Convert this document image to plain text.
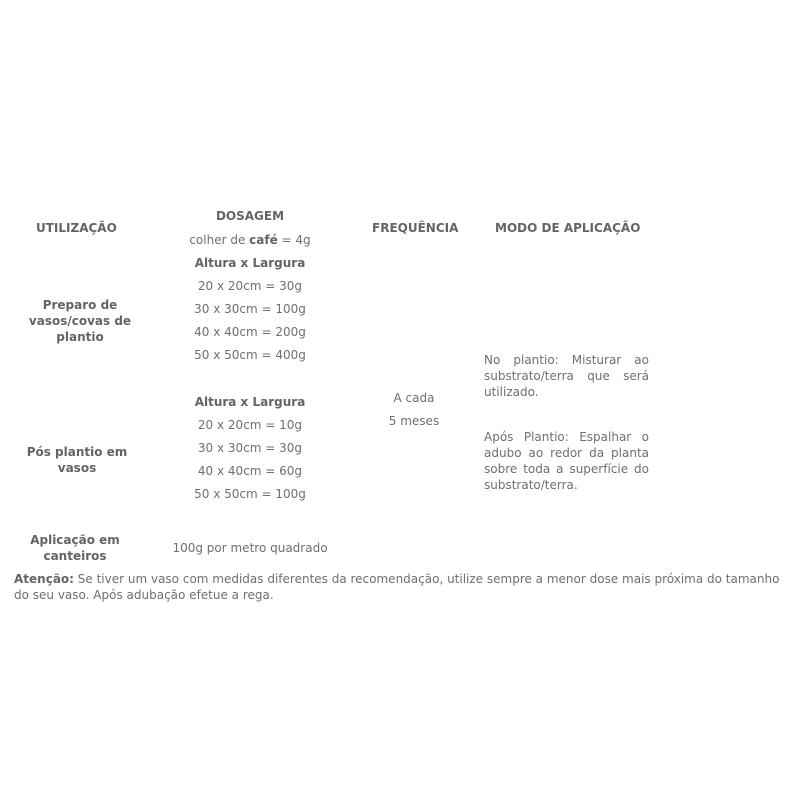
UTILIZAÇÃO
DOSAGEM
colher de café = 4g
FREQUÊNCIA	MODO DE APLICAÇÃO
Preparo de
vasos/covas de
plantio
Altura x Largura
20 x 20cm = 30g
30 x 30cm = 100g
40 x 40cm = 200g
50 x 50cm = 400g
Pós plantio em
vasos
Altura x Largura
20 x 20cm = 10g
30 x 30cm = 30g
40 x 40cm = 60g
50 x 50cm = 100g
Aplicação em
canteiros
100g por metro quadrado
A cada
5 meses
No plantio: Misturar ao substrato/terra que será utilizado.
Após Plantio: Espalhar o adubo ao redor da planta sobre toda a superfície do substrato/terra.
Atenção: Se tiver um vaso com medidas diferentes da recomendação, utilize sempre a menor dose mais próxima do tamanho do seu vaso. Após adubação efetue a rega.
